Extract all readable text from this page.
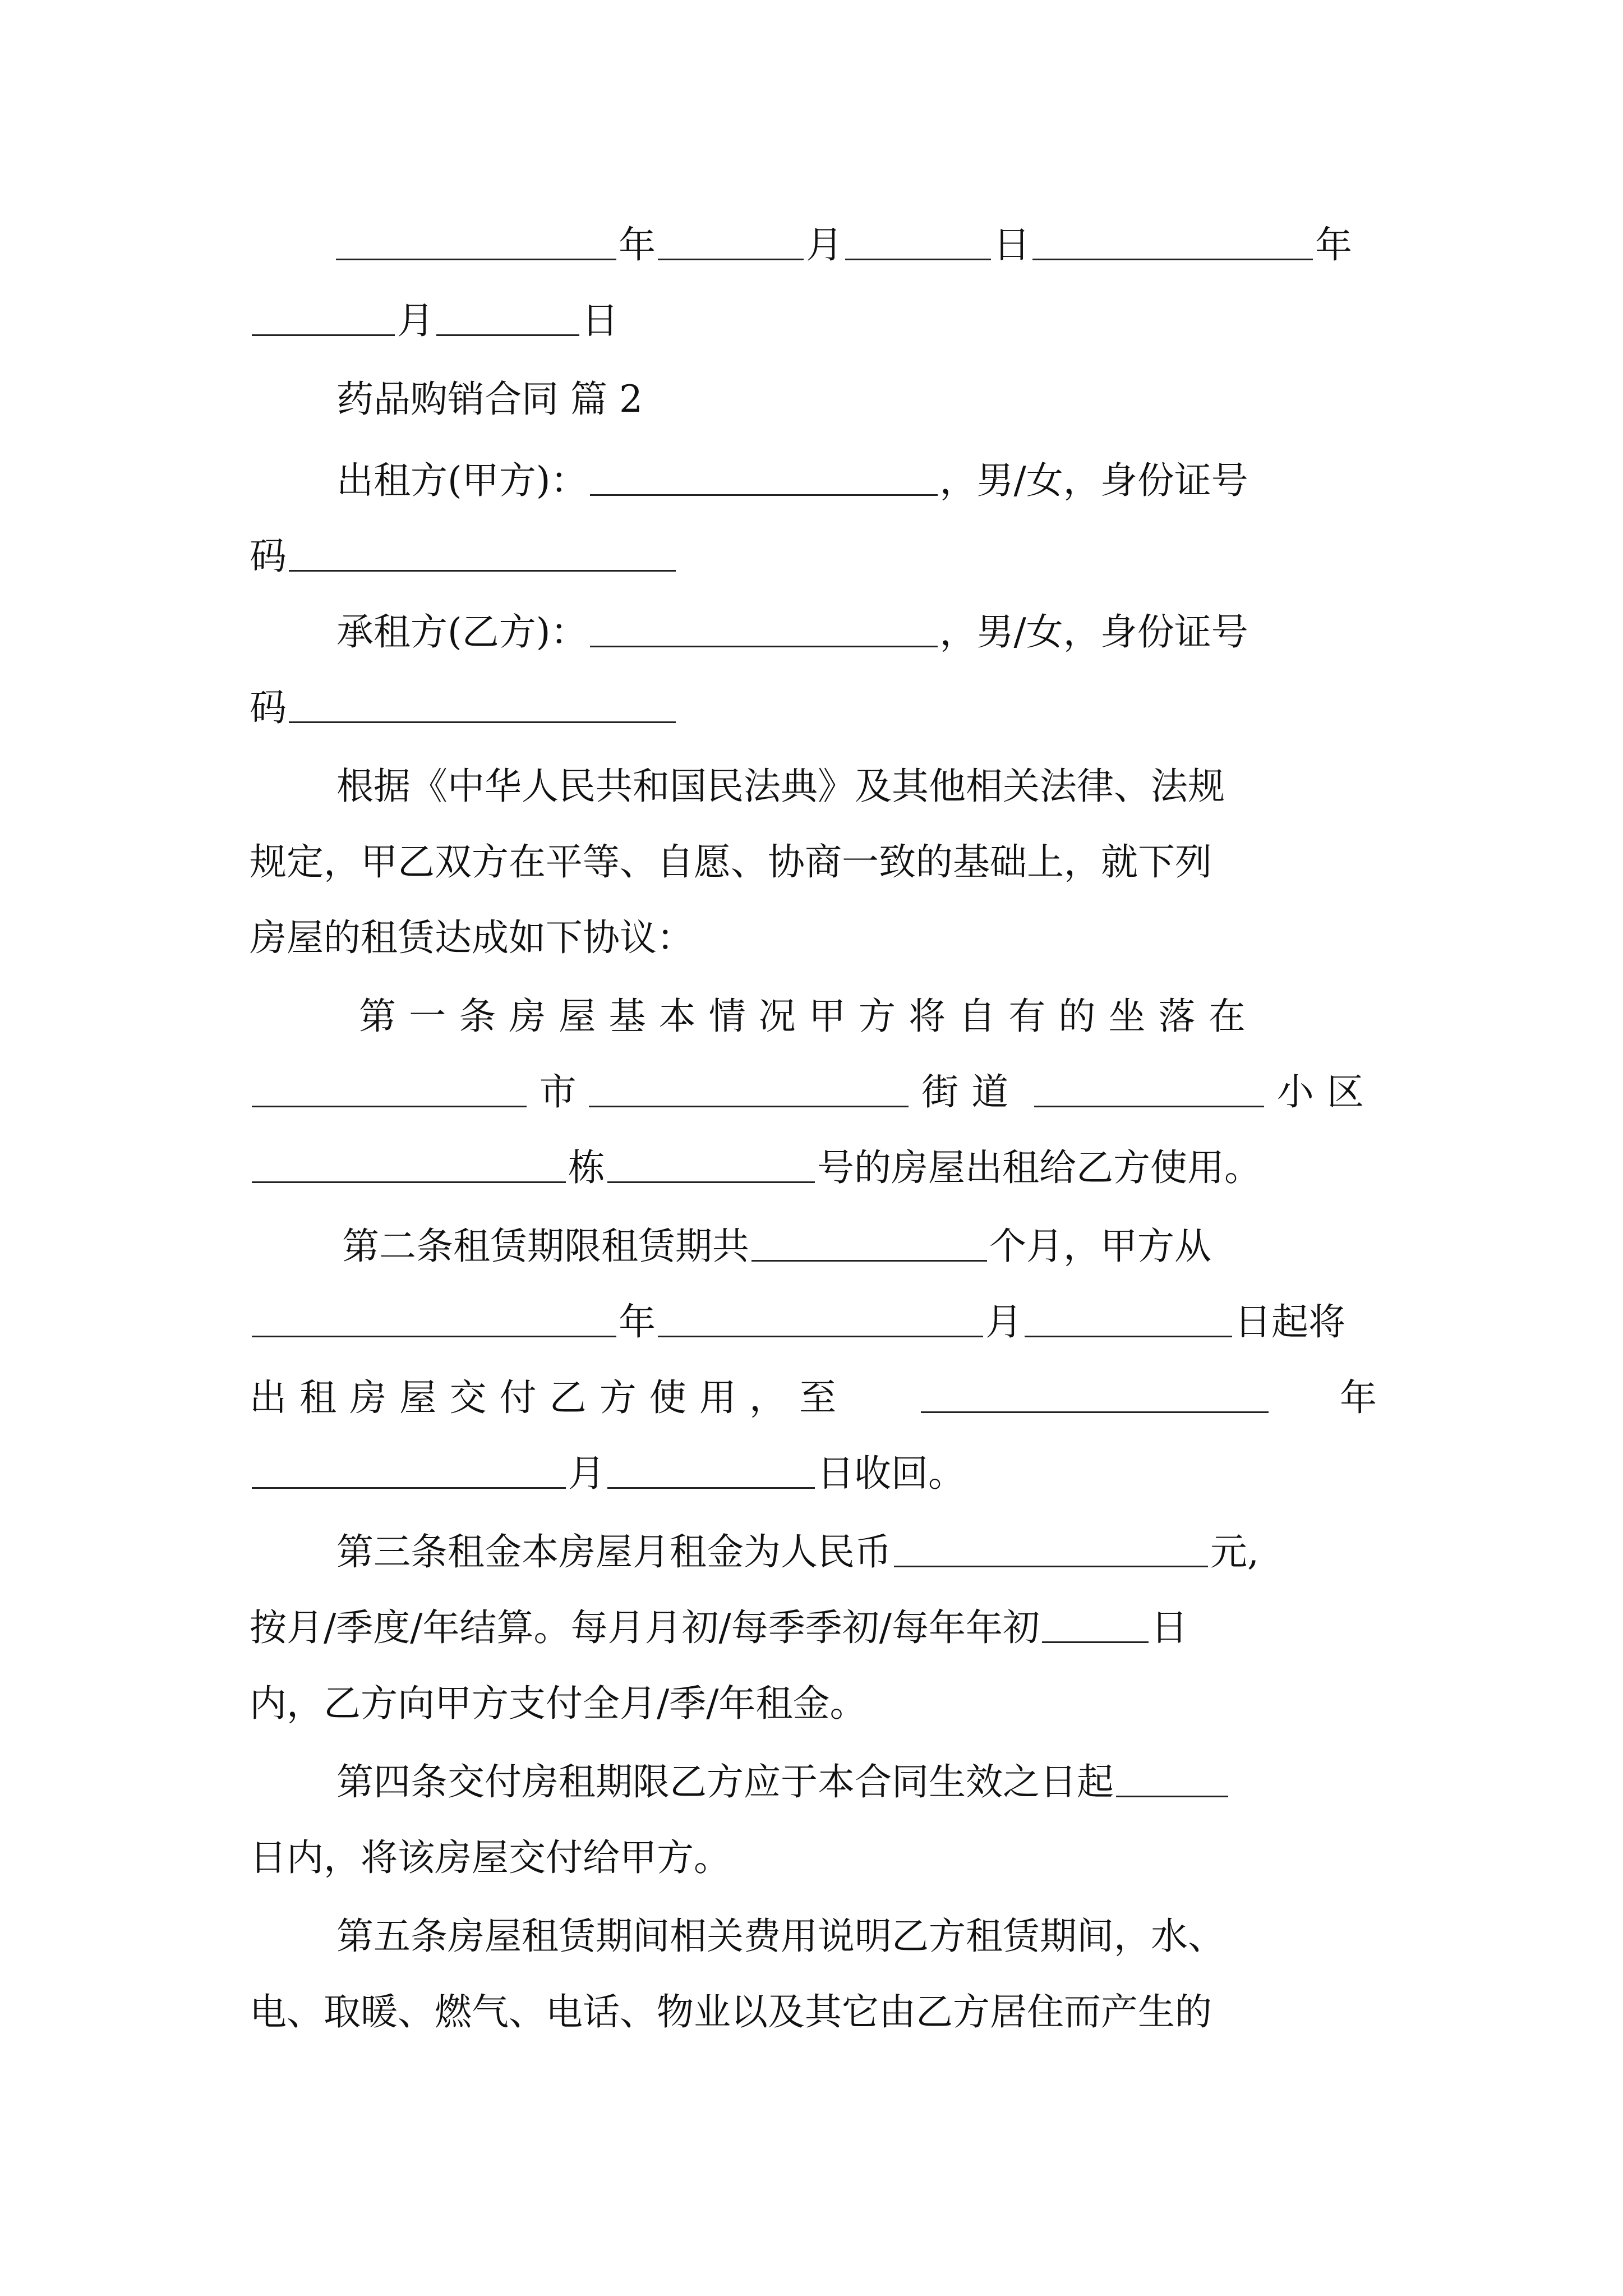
年	月	日	年
月	日
药品购销合同 篇 2
出租方(甲方)：	，男/女，身份证号
码
承租方(乙方)：	，男/女，身份证号
码
根据《中华人民共和国民法典》及其他相关法律、法规
规定，甲乙双方在平等、自愿、协商一致的基础上，就下列
房屋的租赁达成如下协议：
第一条房屋基本情况甲方将自有的坐落在
市	街道	小区
栋	号的房屋出租给乙方使用。
第二条租赁期限租赁期共	个月，甲方从
年	月	日起将
出租房屋交付乙方使用，至	年
月	日收回。
第三条租金本房屋月租金为人民币	元,
按月/季度/年结算。每月月初/每季季初/每年年初	日
内，乙方向甲方支付全月/季/年租金。
第四条交付房租期限乙方应于本合同生效之日起
日内，将该房屋交付给甲方。
第五条房屋租赁期间相关费用说明乙方租赁期间，水、
电、取暖、燃气、电话、物业以及其它由乙方居住而产生的
